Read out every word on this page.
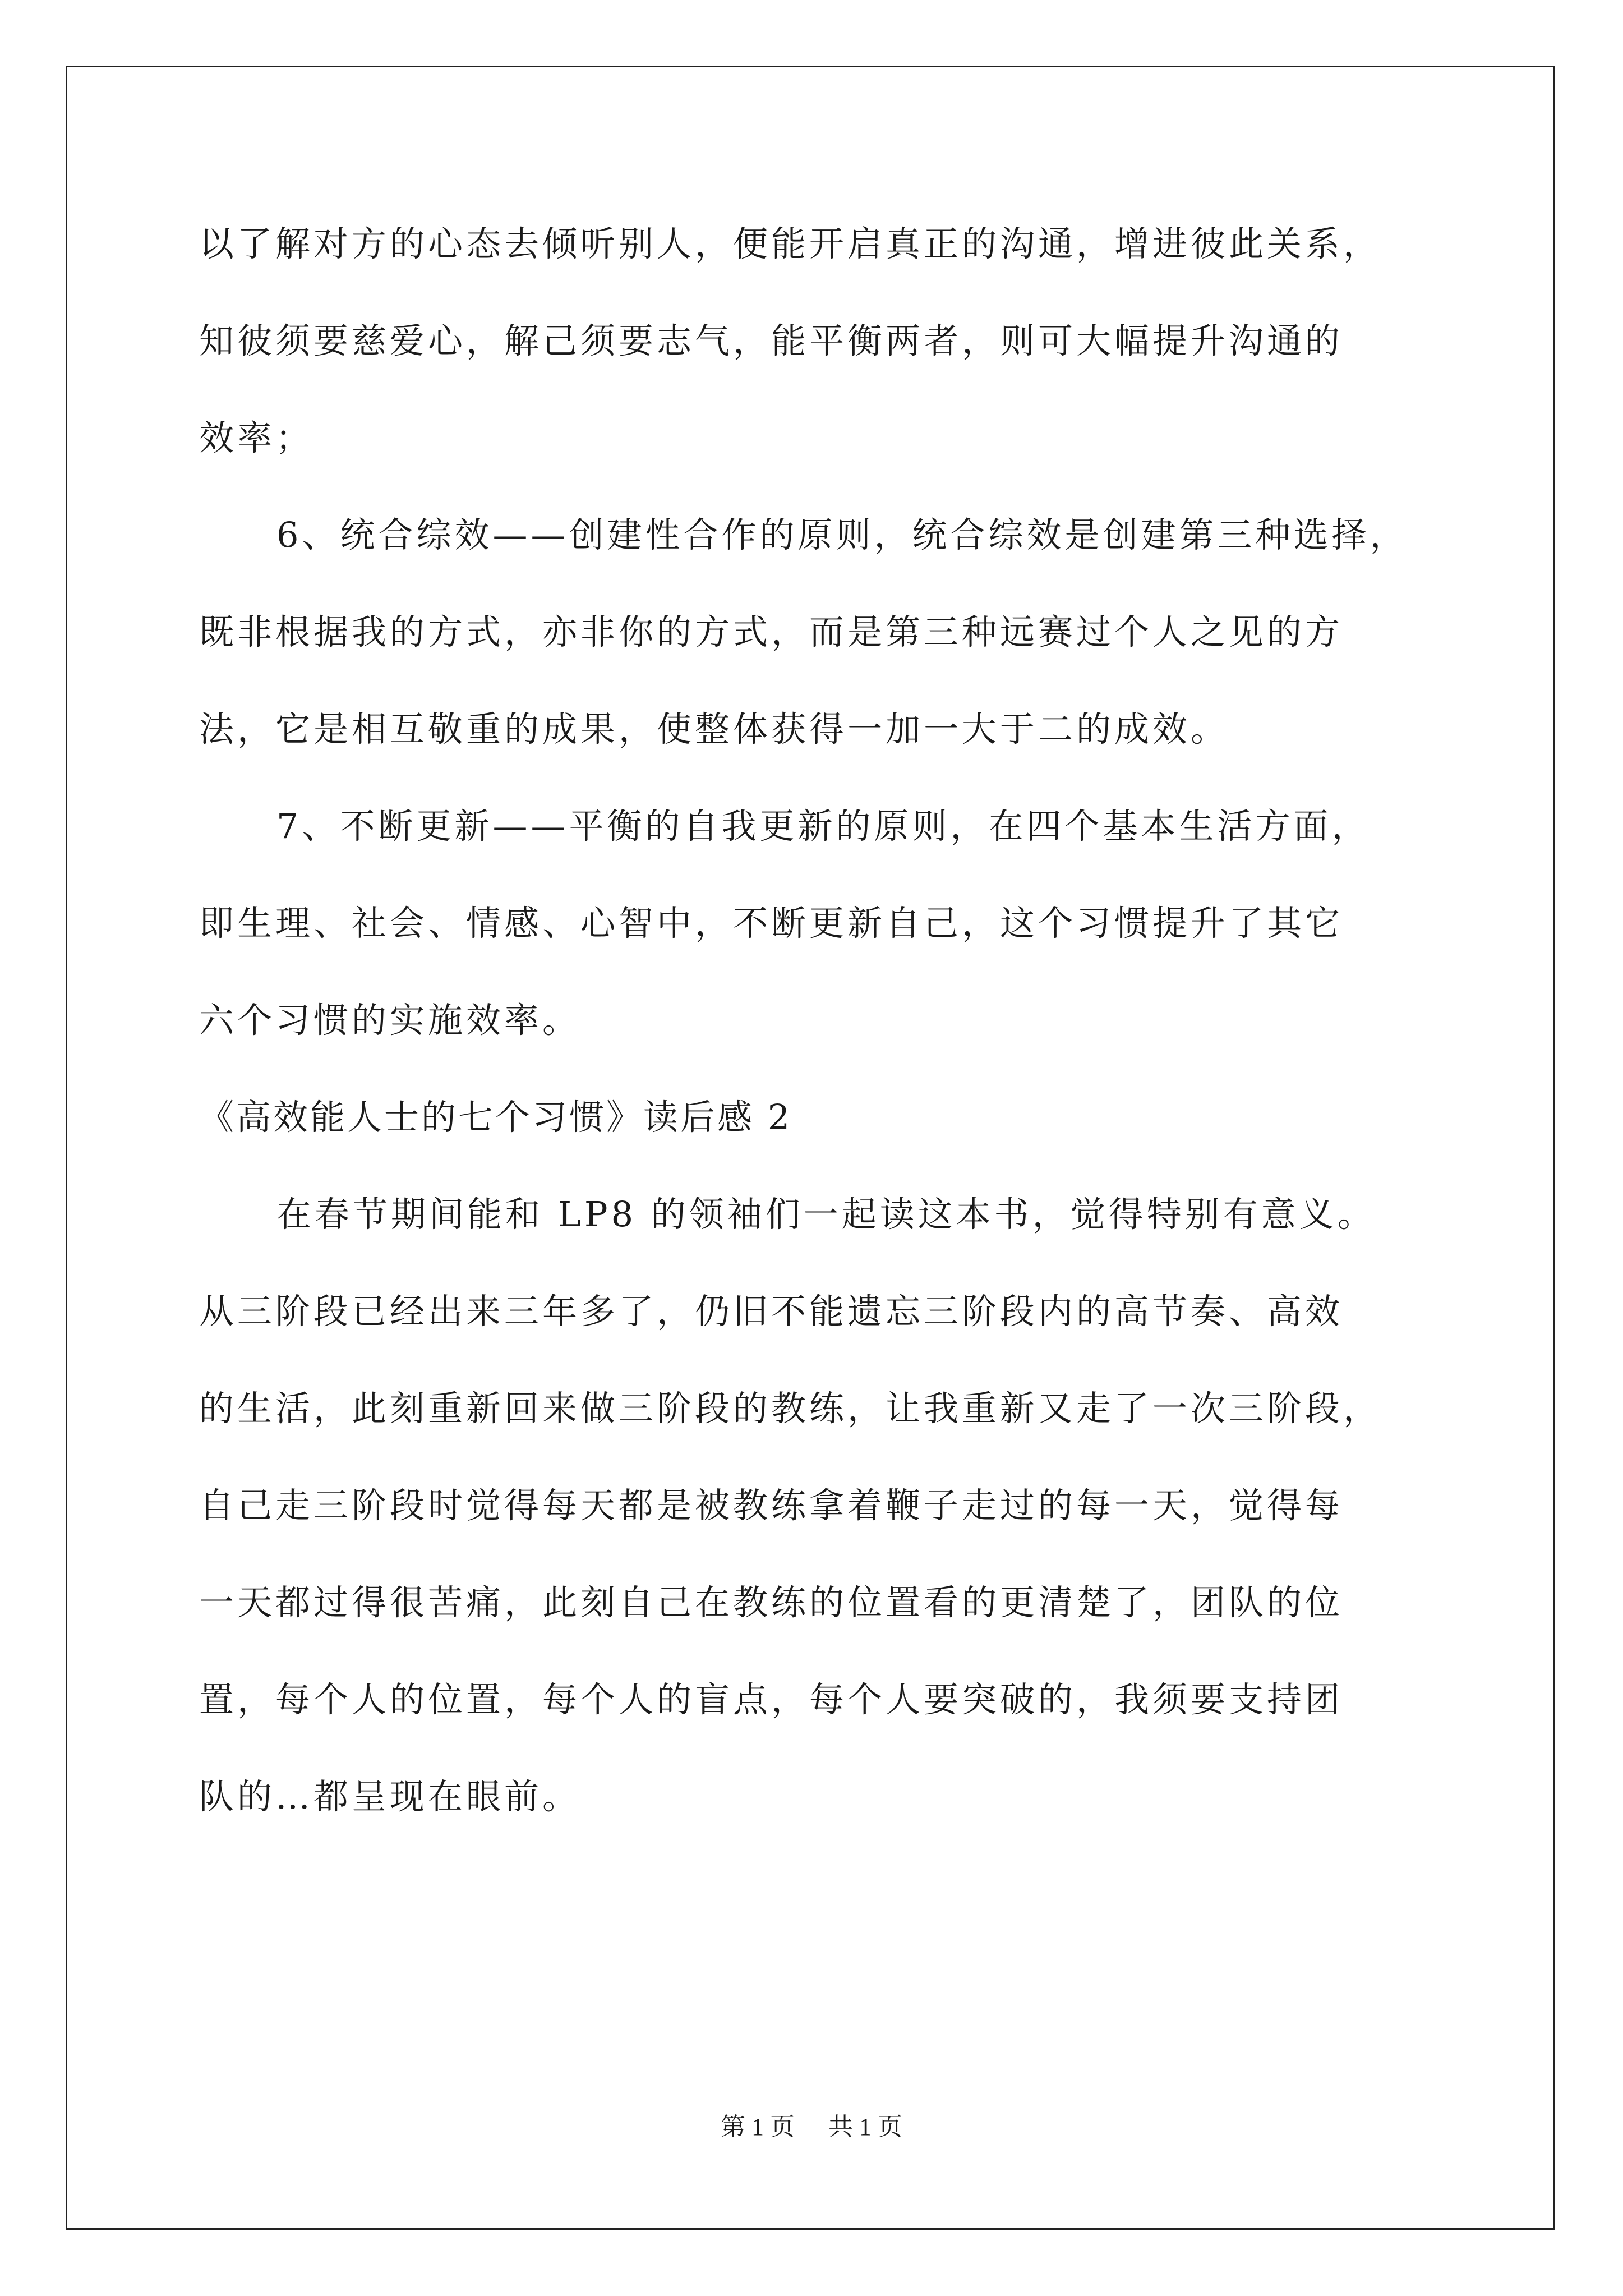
以了解对方的心态去倾听别人，便能开启真正的沟通，增进彼此关系，

知彼须要慈爱心，解己须要志气，能平衡两者，则可大幅提升沟通的

效率；

6、统合综效——创建性合作的原则，统合综效是创建第三种选择，

既非根据我的方式，亦非你的方式，而是第三种远赛过个人之见的方

法，它是相互敬重的成果，使整体获得一加一大于二的成效。

7、不断更新——平衡的自我更新的原则，在四个基本生活方面，

即生理、社会、情感、心智中，不断更新自己，这个习惯提升了其它

六个习惯的实施效率。

《高效能人士的七个习惯》读后感 2

在春节期间能和 LP8 的领袖们一起读这本书，觉得特别有意义。

从三阶段已经出来三年多了，仍旧不能遗忘三阶段内的高节奏、高效

的生活，此刻重新回来做三阶段的教练，让我重新又走了一次三阶段，

自己走三阶段时觉得每天都是被教练拿着鞭子走过的每一天，觉得每

一天都过得很苦痛，此刻自己在教练的位置看的更清楚了，团队的位

置，每个人的位置，每个人的盲点，每个人要突破的，我须要支持团

队的…都呈现在眼前。

第 1 页 共 1 页
